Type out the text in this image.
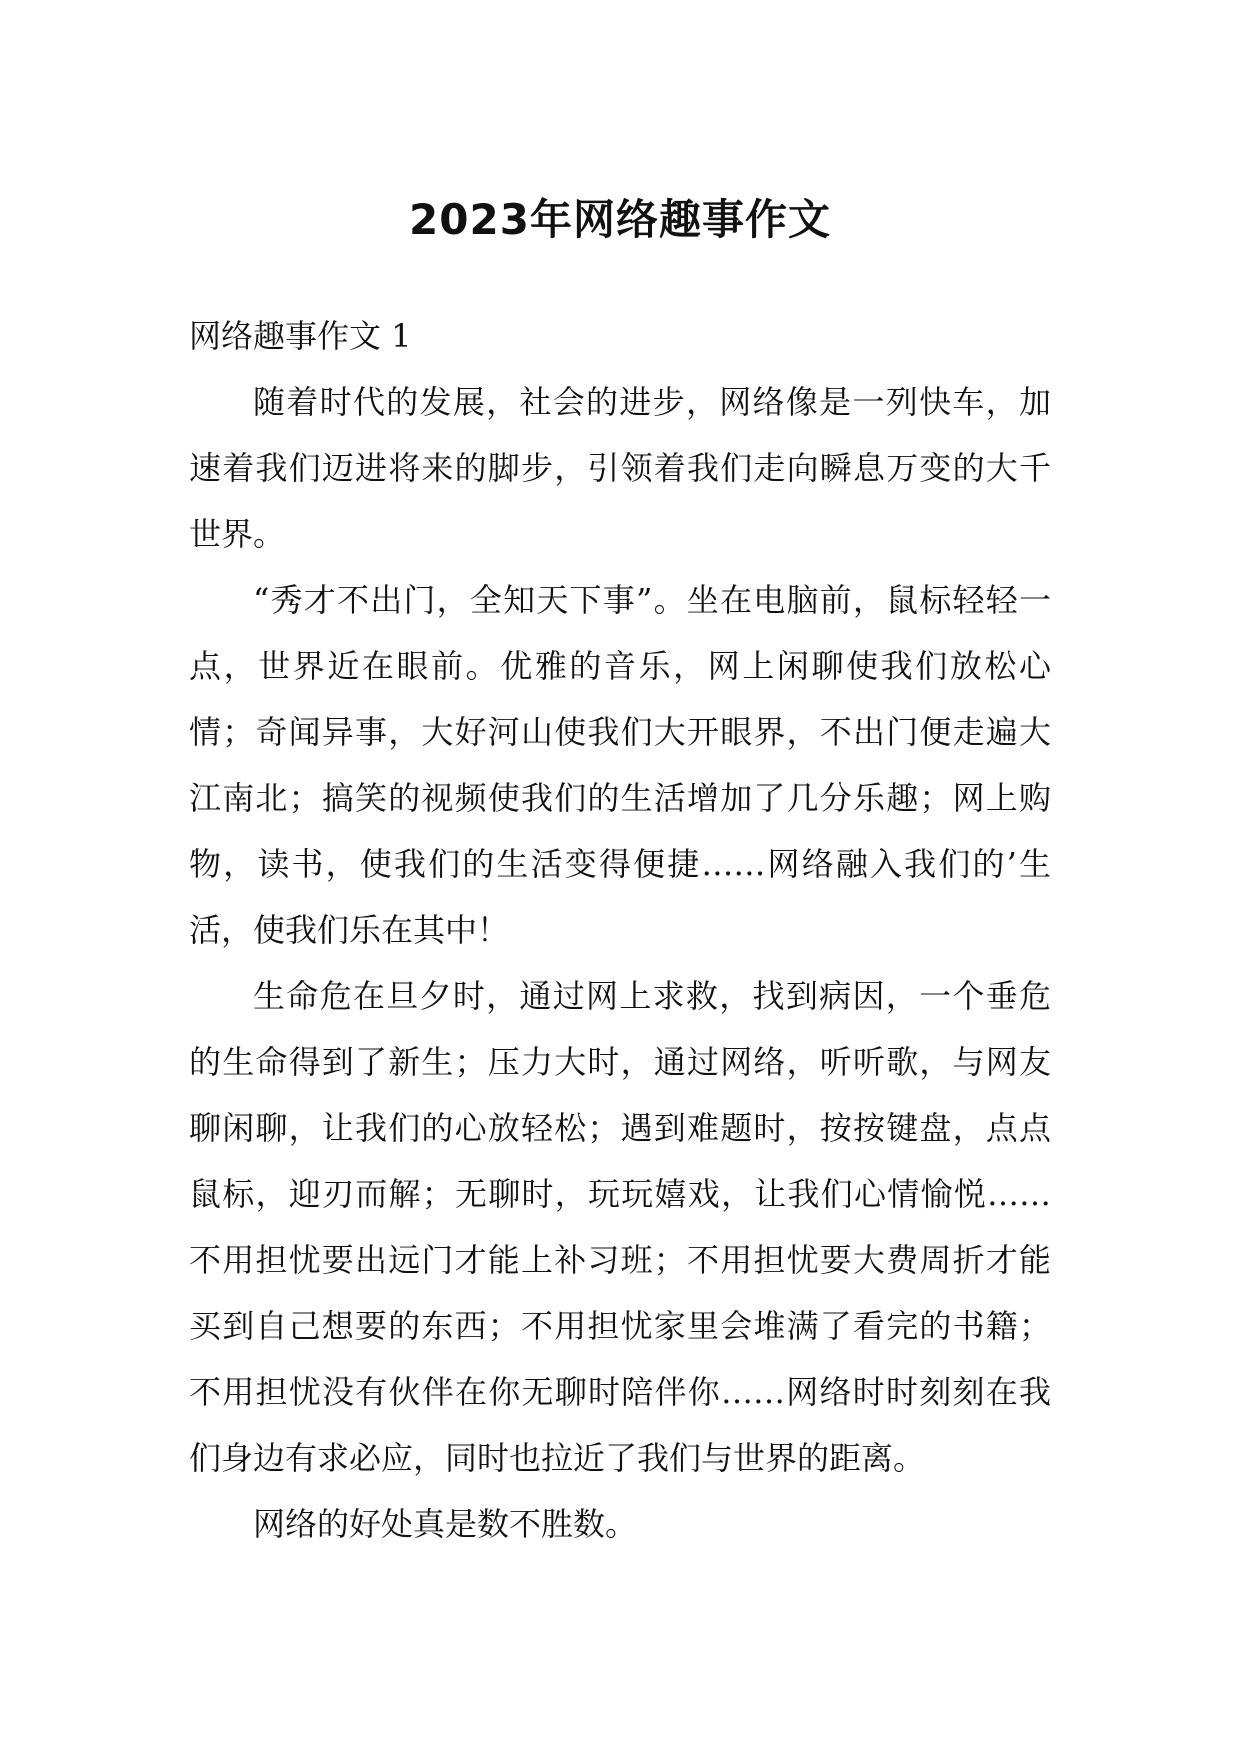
2023年网络趣事作文

网络趣事作文 1

随着时代的发展，社会的进步，网络像是一列快车，加速着我们迈进将来的脚步，引领着我们走向瞬息万变的大千世界。

“秀才不出门，全知天下事”。坐在电脑前，鼠标轻轻一点，世界近在眼前。优雅的音乐，网上闲聊使我们放松心情；奇闻异事，大好河山使我们大开眼界，不出门便走遍大江南北；搞笑的视频使我们的生活增加了几分乐趣；网上购物，读书，使我们的生活变得便捷……网络融入我们的’生活，使我们乐在其中！

生命危在旦夕时，通过网上求救，找到病因，一个垂危的生命得到了新生；压力大时，通过网络，听听歌，与网友聊闲聊，让我们的心放轻松；遇到难题时，按按键盘，点点鼠标，迎刃而解；无聊时，玩玩嬉戏，让我们心情愉悦……不用担忧要出远门才能上补习班；不用担忧要大费周折才能买到自己想要的东西；不用担忧家里会堆满了看完的书籍；不用担忧没有伙伴在你无聊时陪伴你……网络时时刻刻在我们身边有求必应，同时也拉近了我们与世界的距离。

网络的好处真是数不胜数。
